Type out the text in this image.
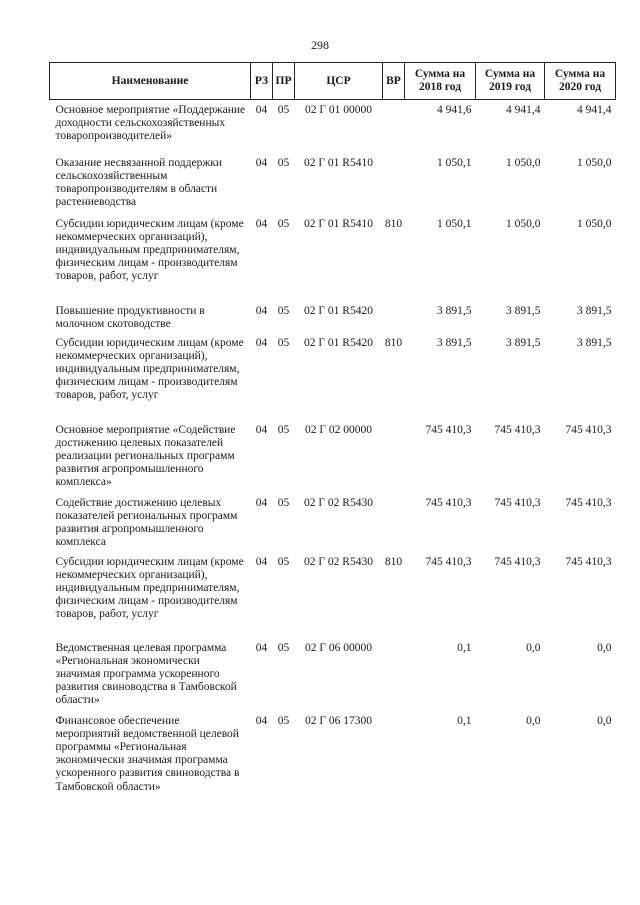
298
Наименование	РЗ	ПР	ЦСР	ВР	Сумма на 2018 год	Сумма на 2019 год	Сумма на 2020 год
Основное мероприятие «Поддержание доходности сельскохозяйственных товаропроизводителей»	04	05	02 Г 01 00000		4 941,6	4 941,4	4 941,4
Оказание несвязанной поддержки сельскохозяйственным товаропроизводителям в области растениеводства	04	05	02 Г 01 R5410		1 050,1	1 050,0	1 050,0
Субсидии юридическим лицам (кроме некоммерческих организаций), индивидуальным предпринимателям, физическим лицам - производителям товаров, работ, услуг	04	05	02 Г 01 R5410	810	1 050,1	1 050,0	1 050,0
Повышение продуктивности в молочном скотоводстве	04	05	02 Г 01 R5420		3 891,5	3 891,5	3 891,5
Субсидии юридическим лицам (кроме некоммерческих организаций), индивидуальным предпринимателям, физическим лицам - производителям товаров, работ, услуг	04	05	02 Г 01 R5420	810	3 891,5	3 891,5	3 891,5
Основное мероприятие «Содействие достижению целевых показателей реализации региональных программ развития агропромышленного комплекса»	04	05	02 Г 02 00000		745 410,3	745 410,3	745 410,3
Содействие достижению целевых показателей региональных программ развития агропромышленного комплекса	04	05	02 Г 02 R5430		745 410,3	745 410,3	745 410,3
Субсидии юридическим лицам (кроме некоммерческих организаций), индивидуальным предпринимателям, физическим лицам - производителям товаров, работ, услуг	04	05	02 Г 02 R5430	810	745 410,3	745 410,3	745 410,3
Ведомственная целевая программа «Региональная экономически значимая программа ускоренного развития свиноводства в Тамбовской области»	04	05	02 Г 06 00000		0,1	0,0	0,0
Финансовое обеспечение мероприятий ведомственной целевой программы «Региональная экономически значимая программа ускоренного развития свиноводства в Тамбовской области»	04	05	02 Г 06 17300		0,1	0,0	0,0
